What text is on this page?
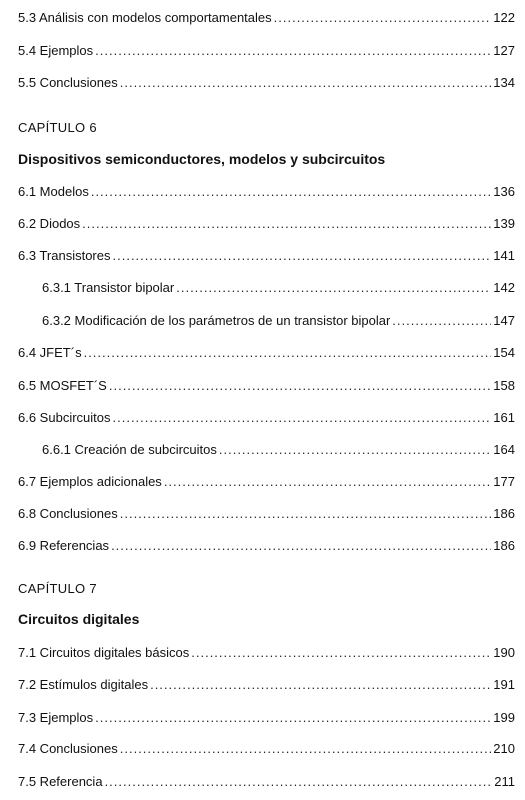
5.3 Análisis con modelos comportamentales .....	122
5.4 Ejemplos .....	127
5.5 Conclusiones .....	134
CAPÍTULO 6
Dispositivos semiconductores, modelos y subcircuitos
6.1 Modelos .....	136
6.2 Diodos .....	139
6.3 Transistores .....	141
6.3.1 Transistor bipolar .....	142
6.3.2 Modificación de los parámetros de un transistor bipolar .....	147
6.4 JFET´s .....	154
6.5 MOSFET´S .....	158
6.6 Subcircuitos .....	161
6.6.1 Creación de subcircuitos .....	164
6.7 Ejemplos adicionales .....	177
6.8 Conclusiones .....	186
6.9 Referencias .....	186
CAPÍTULO 7
Circuitos digitales
7.1 Circuitos digitales básicos .....	190
7.2 Estímulos digitales .....	191
7.3 Ejemplos .....	199
7.4 Conclusiones .....	210
7.5 Referencia .....	211
